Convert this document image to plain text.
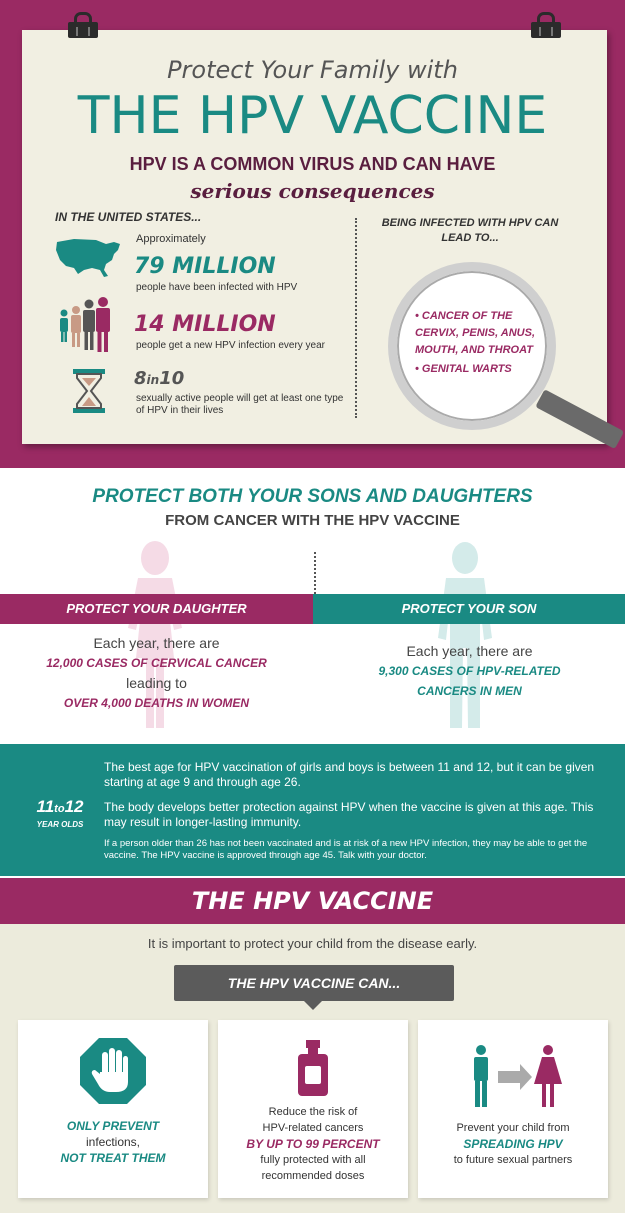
Protect Your Family with
THE HPV VACCINE
HPV IS A COMMON VIRUS AND CAN HAVE
serious consequences
IN THE UNITED STATES...
Approximately
79 MILLION
people have been infected with HPV
14 MILLION
people get a new HPV infection every year
8in10
sexually active people will get at least one type of HPV in their lives
BEING INFECTED WITH HPV CAN LEAD TO...
• CANCER OF THE CERVIX, PENIS, ANUS, MOUTH, AND THROAT
• GENITAL WARTS
PROTECT BOTH YOUR SONS AND DAUGHTERS
FROM CANCER WITH THE HPV VACCINE
PROTECT YOUR DAUGHTER	PROTECT YOUR SON
Each year, there are
12,000 CASES OF CERVICAL CANCER
leading to
OVER 4,000 DEATHS IN WOMEN
Each year, there are
9,300 CASES OF HPV-RELATED
CANCERS IN MEN
11to12
YEAR OLDS
The best age for HPV vaccination of girls and boys is between 11 and 12, but it can be given starting at age 9 and through age 26.
The body develops better protection against HPV when the vaccine is given at this age. This may result in longer-lasting immunity.
If a person older than 26 has not been vaccinated and is at risk of a new HPV infection, they may be able to get the vaccine. The HPV vaccine is approved through age 45. Talk with your doctor.
THE HPV VACCINE
It is important to protect your child from the disease early.
THE HPV VACCINE CAN...
ONLY PREVENT
infections,
NOT TREAT THEM
Reduce the risk of
HPV-related cancers
BY UP TO 99 PERCENT
fully protected with all
recommended doses
Prevent your child from
SPREADING HPV
to future sexual partners
